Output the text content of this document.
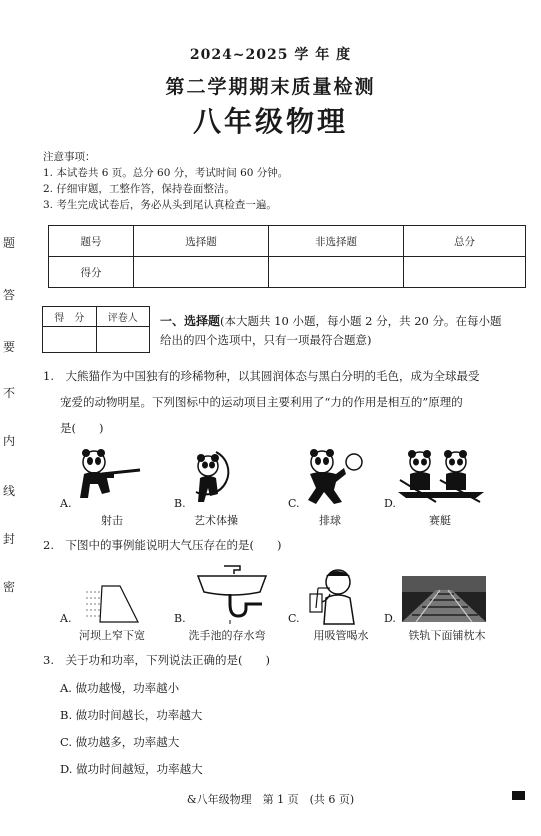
题
答
要
不
内
线
封
密
2024~2025 学 年 度
第二学期期末质量检测
八年级物理
注意事项：
1. 本试卷共 6 页。总分 60 分，考试时间 60 分钟。
2. 仔细审题，工整作答，保持卷面整洁。
3. 考生完成试卷后，务必从头到尾认真检查一遍。
题号	选择题	非选择题	总分
得分			
得　分	评卷人
	一、选择题(本大题共 10 小题，每小题 2 分，共 20 分。在每小题
给出的四个选项中，只有一项最符合题意)
1.　大熊猫作为中国独有的珍稀物种，以其圆润体态与黑白分明的毛色，成为全球最受
宠爱的动物明星。下列图标中的运动项目主要利用了“力的作用是相互的”原理的
是(　　)
A.
射击
B.
艺术体操
C.
排球
D.
赛艇
2.　下图中的事例能说明大气压存在的是(　　)
A.
河坝上窄下宽
B.
洗手池的存水弯
C.
用吸管喝水
D.
铁轨下面铺枕木
3.　关于功和功率，下列说法正确的是(　　)
A. 做功越慢，功率越小
B. 做功时间越长，功率越大
C. 做功越多，功率越大
D. 做功时间越短，功率越大
&八年级物理　第 1 页　(共 6 页)
